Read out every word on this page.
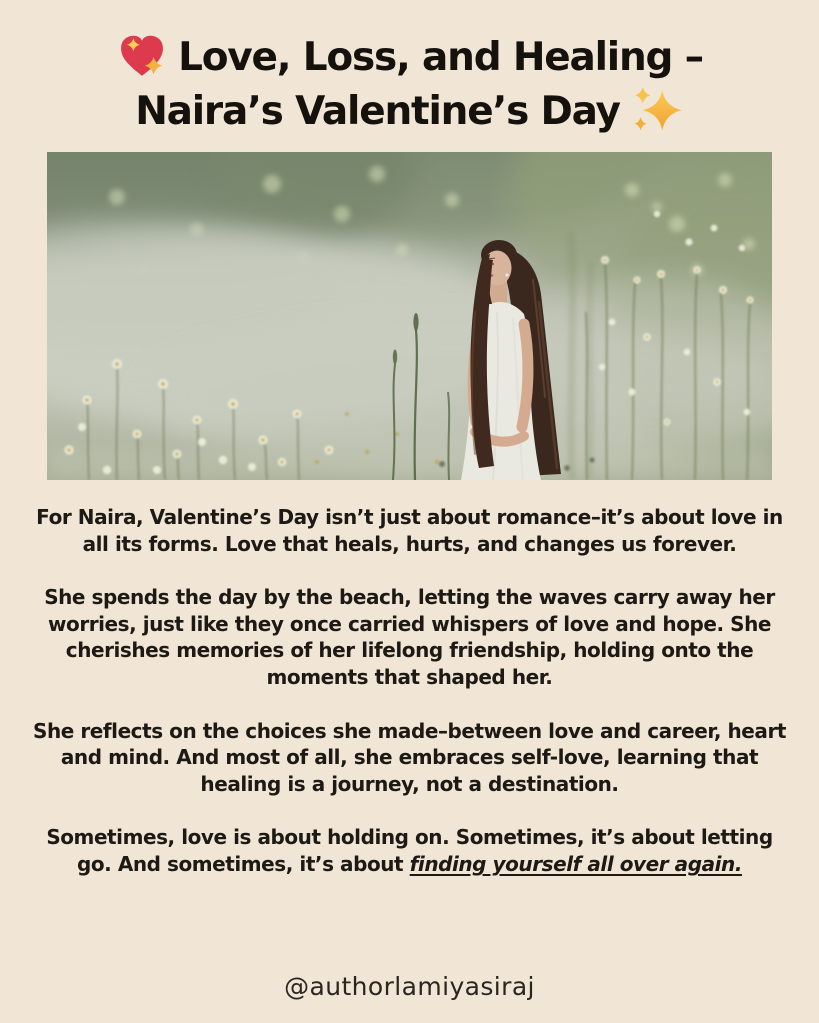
Love, Loss, and Healing –
Naira’s Valentine’s Day

For Naira, Valentine’s Day isn’t just about romance–it’s about love in all its forms. Love that heals, hurts, and changes us forever.

She spends the day by the beach, letting the waves carry away her worries, just like they once carried whispers of love and hope. She cherishes memories of her lifelong friendship, holding onto the moments that shaped her.

She reflects on the choices she made–between love and career, heart and mind. And most of all, she embraces self-love, learning that healing is a journey, not a destination.

Sometimes, love is about holding on. Sometimes, it’s about letting go. And sometimes, it’s about finding yourself all over again.

@authorlamiyasiraj
